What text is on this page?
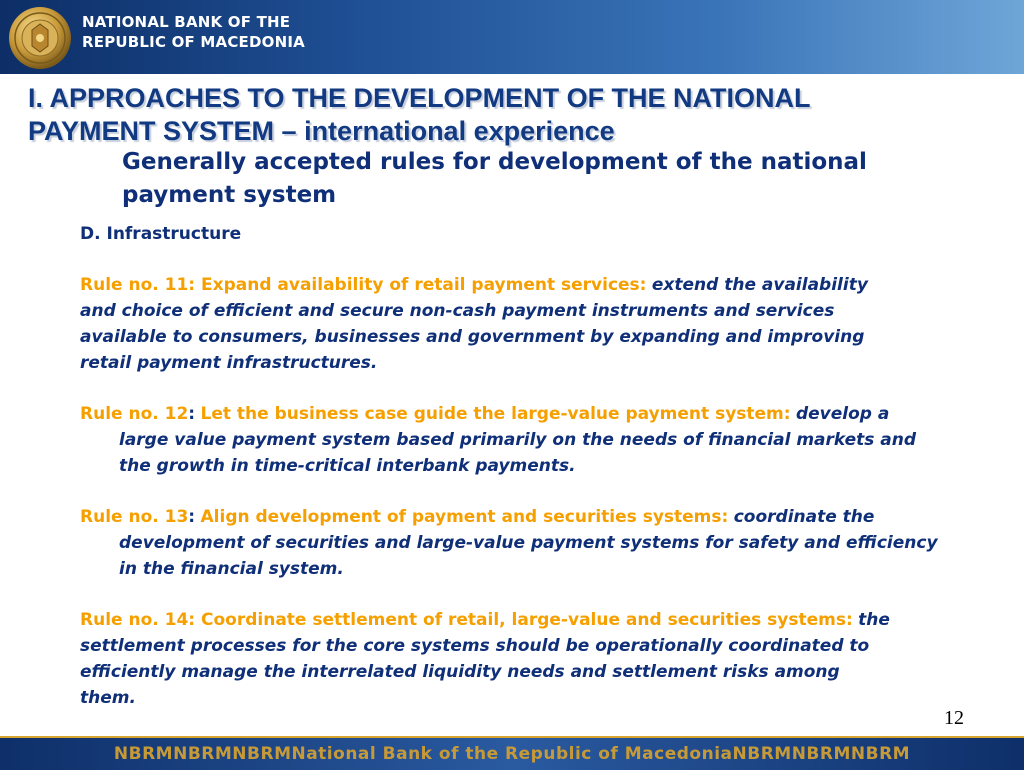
NATIONAL BANK OF THE
REPUBLIC OF MACEDONIA
I. APPROACHES TO THE DEVELOPMENT OF THE NATIONAL
PAYMENT SYSTEM – international experience
Generally accepted rules for development of the national payment system

D. Infrastructure

Rule no. 11: Expand availability of retail payment services: extend the availability and choice of efficient and secure non-cash payment instruments and services available to consumers, businesses and government by expanding and improving retail payment infrastructures.

Rule no. 12: Let the business case guide the large-value payment system: develop a large value payment system based primarily on the needs of financial markets and the growth in time-critical interbank payments.

Rule no. 13: Align development of payment and securities systems: coordinate the development of securities and large-value payment systems for safety and efficiency in the financial system.

Rule no. 14: Coordinate settlement of retail, large-value and securities systems: the settlement processes for the core systems should be operationally coordinated to efficiently manage the interrelated liquidity needs and settlement risks among them.

12
NBRMNBRMNBRMNational Bank of the Republic of MacedoniaNBRMNBRMNBRM
